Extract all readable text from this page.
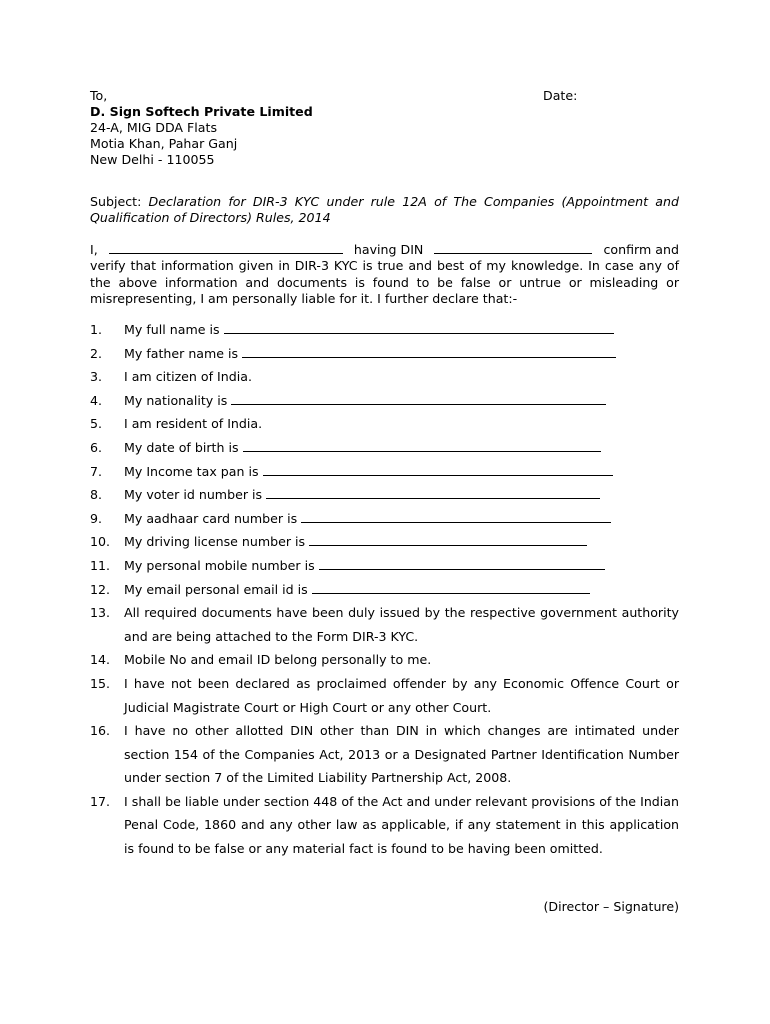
To,
D. Sign Softech Private Limited
24-A, MIG DDA Flats
Motia Khan, Pahar Ganj
New Delhi - 110055
Date:
Subject: Declaration for DIR-3 KYC under rule 12A of The Companies (Appointment and Qualification of Directors) Rules, 2014
I,	having DIN	confirm and
verify that information given in DIR-3 KYC is true and best of my knowledge. In case any of
the above information and documents is found to be false or untrue or misleading or
misrepresenting, I am personally liable for it. I further declare that:-
1.	My full name is
2.	My father name is
3.	I am citizen of India.
4.	My nationality is
5.	I am resident of India.
6.	My date of birth is
7.	My Income tax pan is
8.	My voter id number is
9.	My aadhaar card number is
10.	My driving license number is
11.	My personal mobile number is
12.	My email personal email id is
13.	All required documents have been duly issued by the respective government authority and are being attached to the Form DIR-3 KYC.
14.	Mobile No and email ID belong personally to me.
15.	I have not been declared as proclaimed offender by any Economic Offence Court or Judicial Magistrate Court or High Court or any other Court.
16.	I have no other allotted DIN other than DIN in which changes are intimated under section 154 of the Companies Act, 2013 or a Designated Partner Identification Number under section 7 of the Limited Liability Partnership Act, 2008.
17.	I shall be liable under section 448 of the Act and under relevant provisions of the Indian Penal Code, 1860 and any other law as applicable, if any statement in this application is found to be false or any material fact is found to be having been omitted.
(Director – Signature)
